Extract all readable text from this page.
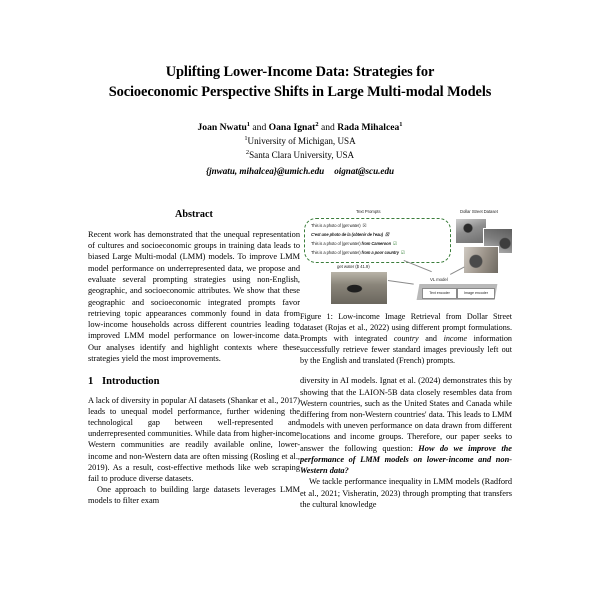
Uplifting Lower-Income Data: Strategies for
Socioeconomic Perspective Shifts in Large Multi-modal Models
Joan Nwatu$^1$ and Oana Ignat$^2$ and Rada Mihalcea$^1$
$^1$University of Michigan, USA
$^2$Santa Clara University, USA
{jnwatu, mihalcea}@umich.edu oignat@scu.edu
Abstract
Recent work has demonstrated that the unequal representation of cultures and socioeconomic groups in training data leads to biased Large Multi-modal (LMM) models. To improve LMM model performance on underrepresented data, we propose and evaluate several prompting strategies using non-English, geographic, and socioeconomic attributes. We show that these geographic and socioeconomic integrated prompts favor retrieving topic appearances commonly found in data from low-income households across different countries leading to improved LMM model performance on lower-income data. Our analyses identify and highlight contexts where these strategies yield the most improvements.
1 Introduction

A lack of diversity in popular AI datasets (Shankar et al., 2017) leads to unequal model performance, further widening the technological gap between well-represented and underrepresented communities. While data from higher-income Western communities are readily available online, lower-income and non-Western data are often missing (Rosling et al., 2019). As a result, cost-effective methods like web scraping fail to produce diverse datasets.

One approach to building large datasets leverages LMM models to filter exam

Text Prompts	Dollar Street Dataset
This is a photo of (get water) ☒
C'est une photo de la (obtenir de l'eau) ☒
This is a photo of (get water) from Cameroon ☑
This is a photo of (get water) from a poor country ☑
get water ($ 41.9)
VL model
Text encoder	Image encoder
Figure 1: Low-income Image Retrieval from Dollar Street dataset (Rojas et al., 2022) using different prompt formulations. Prompts with integrated country and income information successfully retrieve fewer standard images previously left out by the English and translated (French) prompts.

diversity in AI models. Ignat et al. (2024) demonstrates this by showing that the LAION-5B data closely resembles data from Western countries, such as the United States and Canada while differing from non-Western countries' data. This leads to LMM models with uneven performance on data drawn from different locations and income groups. Therefore, our paper seeks to answer the following question: How do we improve the performance of LMM models on lower-income and non-Western data?

We tackle performance inequality in LMM models (Radford et al., 2021; Visheratin, 2023) through prompting that transfers the cultural knowledge
